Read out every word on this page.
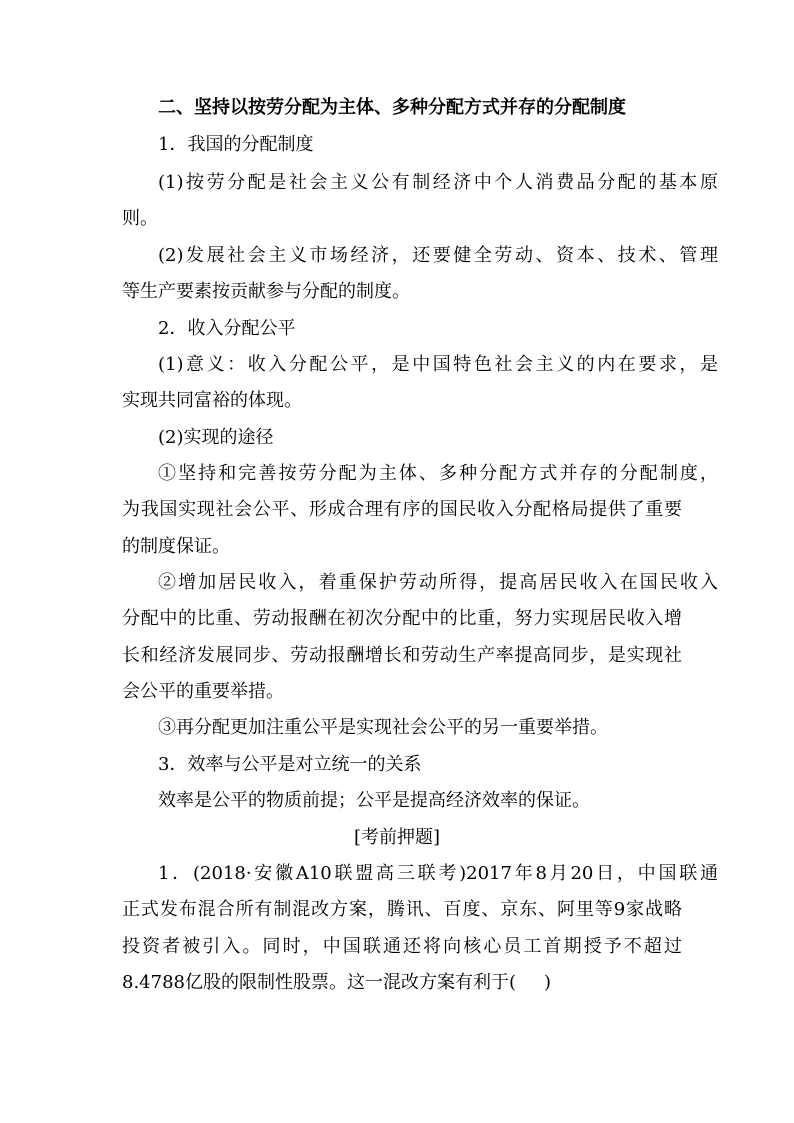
二、坚持以按劳分配为主体、多种分配方式并存的分配制度
1．我国的分配制度
(1)按劳分配是社会主义公有制经济中个人消费品分配的基本原
则。
(2)发展社会主义市场经济，还要健全劳动、资本、技术、管理
等生产要素按贡献参与分配的制度。
2．收入分配公平
(1)意义：收入分配公平，是中国特色社会主义的内在要求，是
实现共同富裕的体现。
(2)实现的途径
①坚持和完善按劳分配为主体、多种分配方式并存的分配制度，
为我国实现社会公平、形成合理有序的国民收入分配格局提供了重要
的制度保证。
②增加居民收入，着重保护劳动所得，提高居民收入在国民收入
分配中的比重、劳动报酬在初次分配中的比重，努力实现居民收入增
长和经济发展同步、劳动报酬增长和劳动生产率提高同步，是实现社
会公平的重要举措。
③再分配更加注重公平是实现社会公平的另一重要举措。
3．效率与公平是对立统一的关系
效率是公平的物质前提；公平是提高经济效率的保证。
[考前押题]
1．(2018·安徽A10联盟高三联考)2017年8月20日，中国联通
正式发布混合所有制混改方案，腾讯、百度、京东、阿里等9家战略
投资者被引入。同时，中国联通还将向核心员工首期授予不超过
8.4788亿股的限制性股票。这一混改方案有利于( )
